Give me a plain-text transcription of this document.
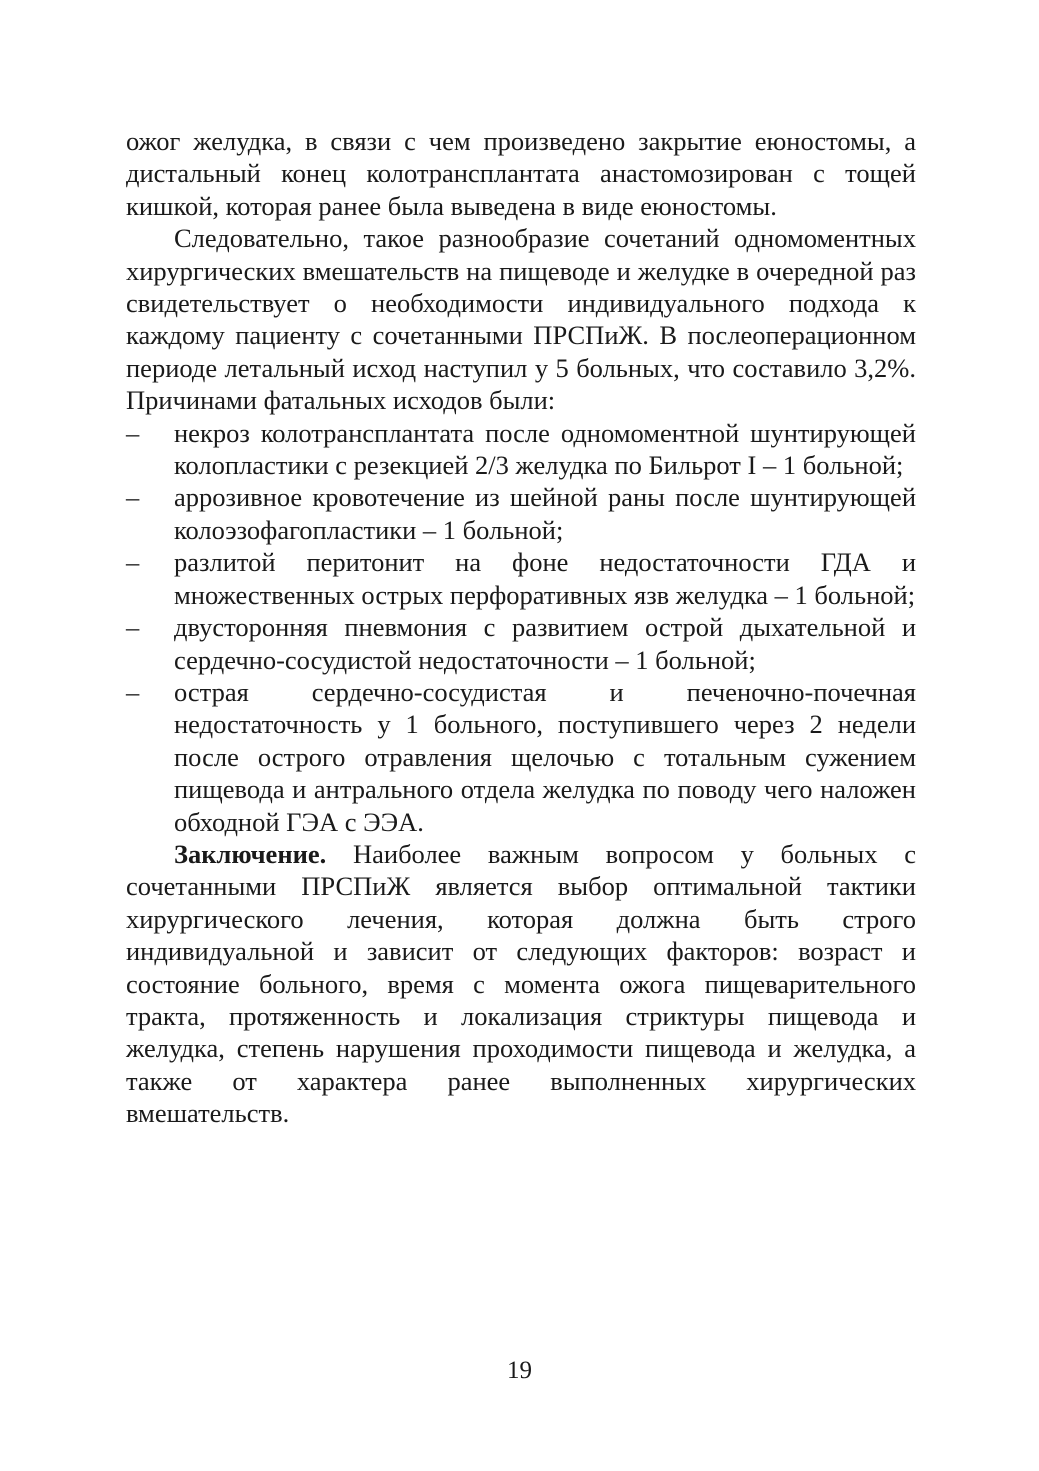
ожог желудка, в связи с чем произведено закрытие еюностомы, а дистальный конец колотрансплантата анастомозирован с тощей кишкой, которая ранее была выведена в виде еюностомы.

Следовательно, такое разнообразие сочетаний одномоментных хирургических вмешательств на пищеводе и желудке в очередной раз свидетельствует о необходимости индивидуального подхода к каждому пациенту с сочетанными ПРСПиЖ. В послеоперационном периоде летальный исход наступил у 5 больных, что составило 3,2%. Причинами фатальных исходов были:

– некроз колотрансплантата после одномоментной шунтирующей колопластики с резекцией 2/3 желудка по Бильрот I – 1 больной;
– аррозивное кровотечение из шейной раны после шунтирующей колоэзофагопластики – 1 больной;
– разлитой перитонит на фоне недостаточности ГДА и множественных острых перфоративных язв желудка – 1 больной;
– двусторонняя пневмония с развитием острой дыхательной и сердечно-сосудистой недостаточности – 1 больной;
– острая сердечно-сосудистая и печеночно-почечная недостаточность у 1 больного, поступившего через 2 недели после острого отравления щелочью с тотальным сужением пищевода и антрального отдела желудка по поводу чего наложен обходной ГЭА с ЭЭА.

Заключение. Наиболее важным вопросом у больных с сочетанными ПРСПиЖ является выбор оптимальной тактики хирургического лечения, которая должна быть строго индивидуальной и зависит от следующих факторов: возраст и состояние больного, время с момента ожога пищеварительного тракта, протяженность и локализация стриктуры пищевода и желудка, степень нарушения проходимости пищевода и желудка, а также от характера ранее выполненных хирургических вмешательств.

19
